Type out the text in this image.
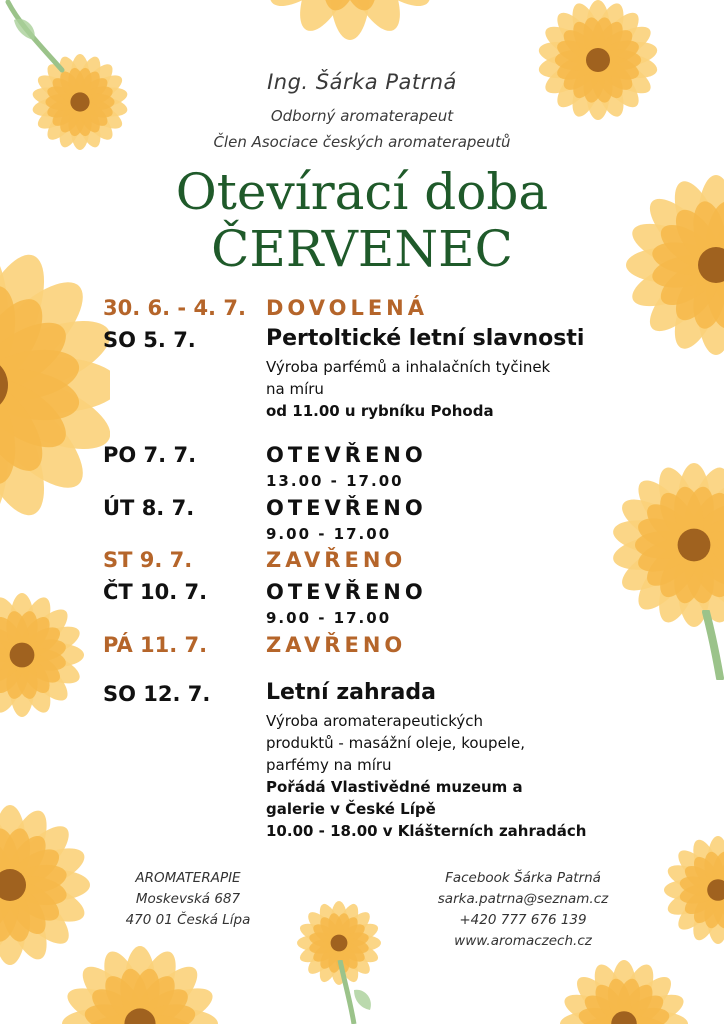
Ing. Šárka Patrná
Odborný aromaterapeut
Člen Asociace českých aromaterapeutů
Otevírací doba
ČERVENEC
30. 6. - 4. 7. DOVOLENÁ
SO 5. 7.	Pertoltické letní slavnosti
Výroba parfémů a inhalačních tyčinek
na míru
od 11.00 u rybníku Pohoda
PO 7. 7.	OTEVŘENO
13.00 - 17.00
ÚT 8. 7.	OTEVŘENO
9.00 - 17.00
ST 9. 7.	ZAVŘENO
ČT 10. 7.	OTEVŘENO
9.00 - 17.00
PÁ 11. 7.	ZAVŘENO
SO 12. 7.	Letní zahrada
Výroba aromaterapeutických
produktů - masážní oleje, koupele,
parfémy na míru
Pořádá Vlastivědné muzeum a
galerie v České Lípě
10.00 - 18.00 v Klášterních zahradách
AROMATERAPIE
Moskevská 687
470 01 Česká Lípa
Facebook Šárka Patrná
sarka.patrna@seznam.cz
+420 777 676 139
www.aromaczech.cz
